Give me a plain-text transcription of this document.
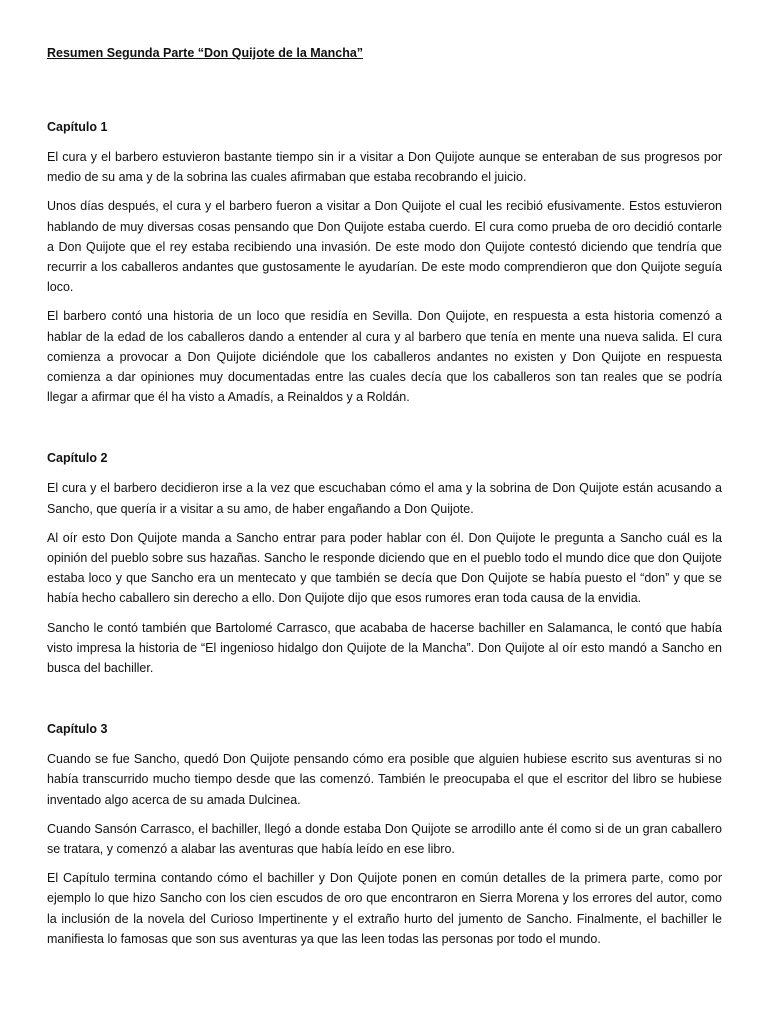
Resumen Segunda Parte “Don Quijote de la Mancha”
Capítulo 1

El cura y el barbero estuvieron bastante tiempo sin ir a visitar a Don Quijote aunque se enteraban de sus progresos por medio de su ama y de la sobrina las cuales afirmaban que estaba recobrando el juicio.

Unos días después, el cura y el barbero fueron a visitar a Don Quijote el cual les recibió efusivamente. Estos estuvieron hablando de muy diversas cosas pensando que Don Quijote estaba cuerdo. El cura como prueba de oro decidió contarle a Don Quijote que el rey estaba recibiendo una invasión. De este modo don Quijote contestó diciendo que tendría que recurrir a los caballeros andantes que gustosamente le ayudarían. De este modo comprendieron que don Quijote seguía loco.

El barbero contó una historia de un loco que residía en Sevilla. Don Quijote, en respuesta a esta historia comenzó a hablar de la edad de los caballeros dando a entender al cura y al barbero que tenía en mente una nueva salida. El cura comienza a provocar a Don Quijote diciéndole que los caballeros andantes no existen y Don Quijote en respuesta comienza a dar opiniones muy documentadas entre las cuales decía que los caballeros son tan reales que se podría llegar a afirmar que él ha visto a Amadís, a Reinaldos y a Roldán.

Capítulo 2

El cura y el barbero decidieron irse a la vez que escuchaban cómo el ama y la sobrina de Don Quijote están acusando a Sancho, que quería ir a visitar a su amo, de haber engañando a Don Quijote.

Al oír esto Don Quijote manda a Sancho entrar para poder hablar con él. Don Quijote le pregunta a Sancho cuál es la opinión del pueblo sobre sus hazañas. Sancho le responde diciendo que en el pueblo todo el mundo dice que don Quijote estaba loco y que Sancho era un mentecato y que también se decía que Don Quijote se había puesto el “don” y que se había hecho caballero sin derecho a ello. Don Quijote dijo que esos rumores eran toda causa de la envidia.

Sancho le contó también que Bartolomé Carrasco, que acababa de hacerse bachiller en Salamanca, le contó que había visto impresa la historia de “El ingenioso hidalgo don Quijote de la Mancha”. Don Quijote al oír esto mandó a Sancho en busca del bachiller.

Capítulo 3

Cuando se fue Sancho, quedó Don Quijote pensando cómo era posible que alguien hubiese escrito sus aventuras si no había transcurrido mucho tiempo desde que las comenzó. También le preocupaba el que el escritor del libro se hubiese inventado algo acerca de su amada Dulcinea.

Cuando Sansón Carrasco, el bachiller, llegó a donde estaba Don Quijote se arrodillo ante él como si de un gran caballero se tratara, y comenzó a alabar las aventuras que había leído en ese libro.

El Capítulo termina contando cómo el bachiller y Don Quijote ponen en común detalles de la primera parte, como por ejemplo lo que hizo Sancho con los cien escudos de oro que encontraron en Sierra Morena y los errores del autor, como la inclusión de la novela del Curioso Impertinente y el extraño hurto del jumento de Sancho. Finalmente, el bachiller le manifiesta lo famosas que son sus aventuras ya que las leen todas las personas por todo el mundo.
